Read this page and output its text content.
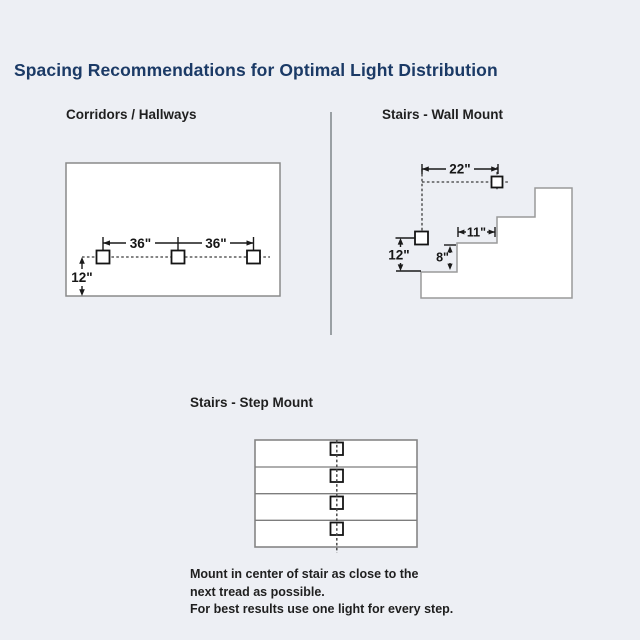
Spacing Recommendations for Optimal Light Distribution
Corridors / Hallways	Stairs - Wall Mount
36"	36"
12"
22"
12" 8"
11"
Stairs - Step Mount
Mount in center of stair as close to the
next tread as possible.
For best results use one light for every step.
